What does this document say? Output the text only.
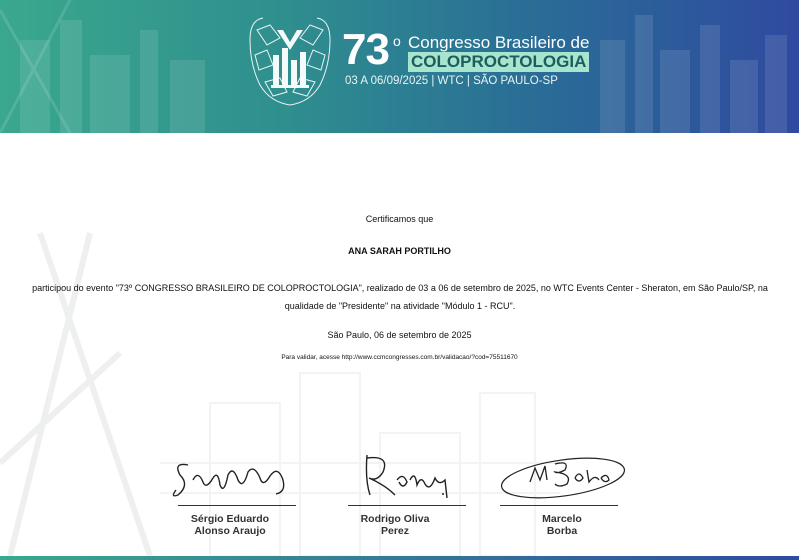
73 o Congresso Brasileiro de
COLOPROCTOLOGIA
03 A 06/09/2025 | WTC | SÃO PAULO-SP
Certificamos que
ANA SARAH PORTILHO
participou do evento "73º CONGRESSO BRASILEIRO DE COLOPROCTOLOGIA", realizado de 03 a 06 de setembro de 2025, no WTC Events Center - Sheraton, em São Paulo/SP, na qualidade de "Presidente" na atividade "Módulo 1 - RCU".
São Paulo, 06 de setembro de 2025
Para validar, acesse http://www.ccmcongresses.com.br/validacao/?cod=75511670
Sérgio Eduardo
Alonso Araujo
Rodrigo Oliva
Perez
Marcelo
Borba
